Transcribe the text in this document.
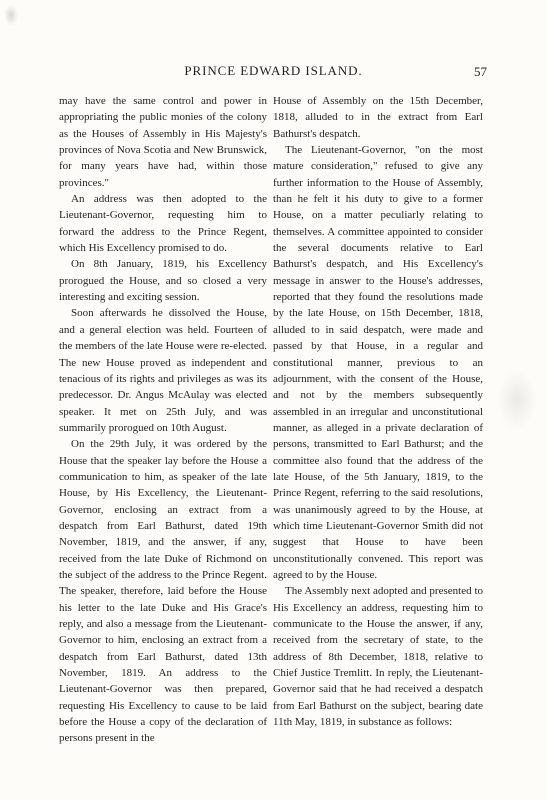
PRINCE EDWARD ISLAND.	57

may have the same control and power in appropriating the public monies of the colony as the Houses of Assembly in His Majesty's provinces of Nova Scotia and New Brunswick, for many years have had, within those provinces."

An address was then adopted to the Lieutenant-Governor, requesting him to forward the address to the Prince Regent, which His Excellency promised to do.

On 8th January, 1819, his Excellency prorogued the House, and so closed a very interesting and exciting session.

Soon afterwards he dissolved the House, and a general election was held. Fourteen of the members of the late House were re-elected. The new House proved as independent and tenacious of its rights and privileges as was its predecessor. Dr. Angus McAulay was elected speaker. It met on 25th July, and was summarily prorogued on 10th August.

On the 29th July, it was ordered by the House that the speaker lay before the House a communication to him, as speaker of the late House, by His Excellency, the Lieutenant-Governor, enclosing an extract from a despatch from Earl Bathurst, dated 19th November, 1819, and the answer, if any, received from the late Duke of Richmond on the subject of the address to the Prince Regent. The speaker, therefore, laid before the House his letter to the late Duke and His Grace's reply, and also a message from the Lieutenant-Governor to him, enclosing an extract from a despatch from Earl Bathurst, dated 13th November, 1819. An address to the Lieutenant-Governor was then prepared, requesting His Excellency to cause to be laid before the House a copy of the declaration of persons present in the

House of Assembly on the 15th December, 1818, alluded to in the extract from Earl Bathurst's despatch.

The Lieutenant-Governor, "on the most mature consideration," refused to give any further information to the House of Assembly, than he felt it his duty to give to a former House, on a matter peculiarly relating to themselves. A committee appointed to consider the several documents relative to Earl Bathurst's despatch, and His Excellency's message in answer to the House's addresses, reported that they found the resolutions made by the late House, on 15th December, 1818, alluded to in said despatch, were made and passed by that House, in a regular and constitutional manner, previous to an adjournment, with the consent of the House, and not by the members subsequently assembled in an irregular and unconstitutional manner, as alleged in a private declaration of persons, transmitted to Earl Bathurst; and the committee also found that the address of the late House, of the 5th January, 1819, to the Prince Regent, referring to the said resolutions, was unanimously agreed to by the House, at which time Lieutenant-Governor Smith did not suggest that House to have been unconstitutionally convened. This report was agreed to by the House.

The Assembly next adopted and presented to His Excellency an address, requesting him to communicate to the House the answer, if any, received from the secretary of state, to the address of 8th December, 1818, relative to Chief Justice Tremlitt. In reply, the Lieutenant-Governor said that he had received a despatch from Earl Bathurst on the subject, bearing date 11th May, 1819, in substance as follows:
